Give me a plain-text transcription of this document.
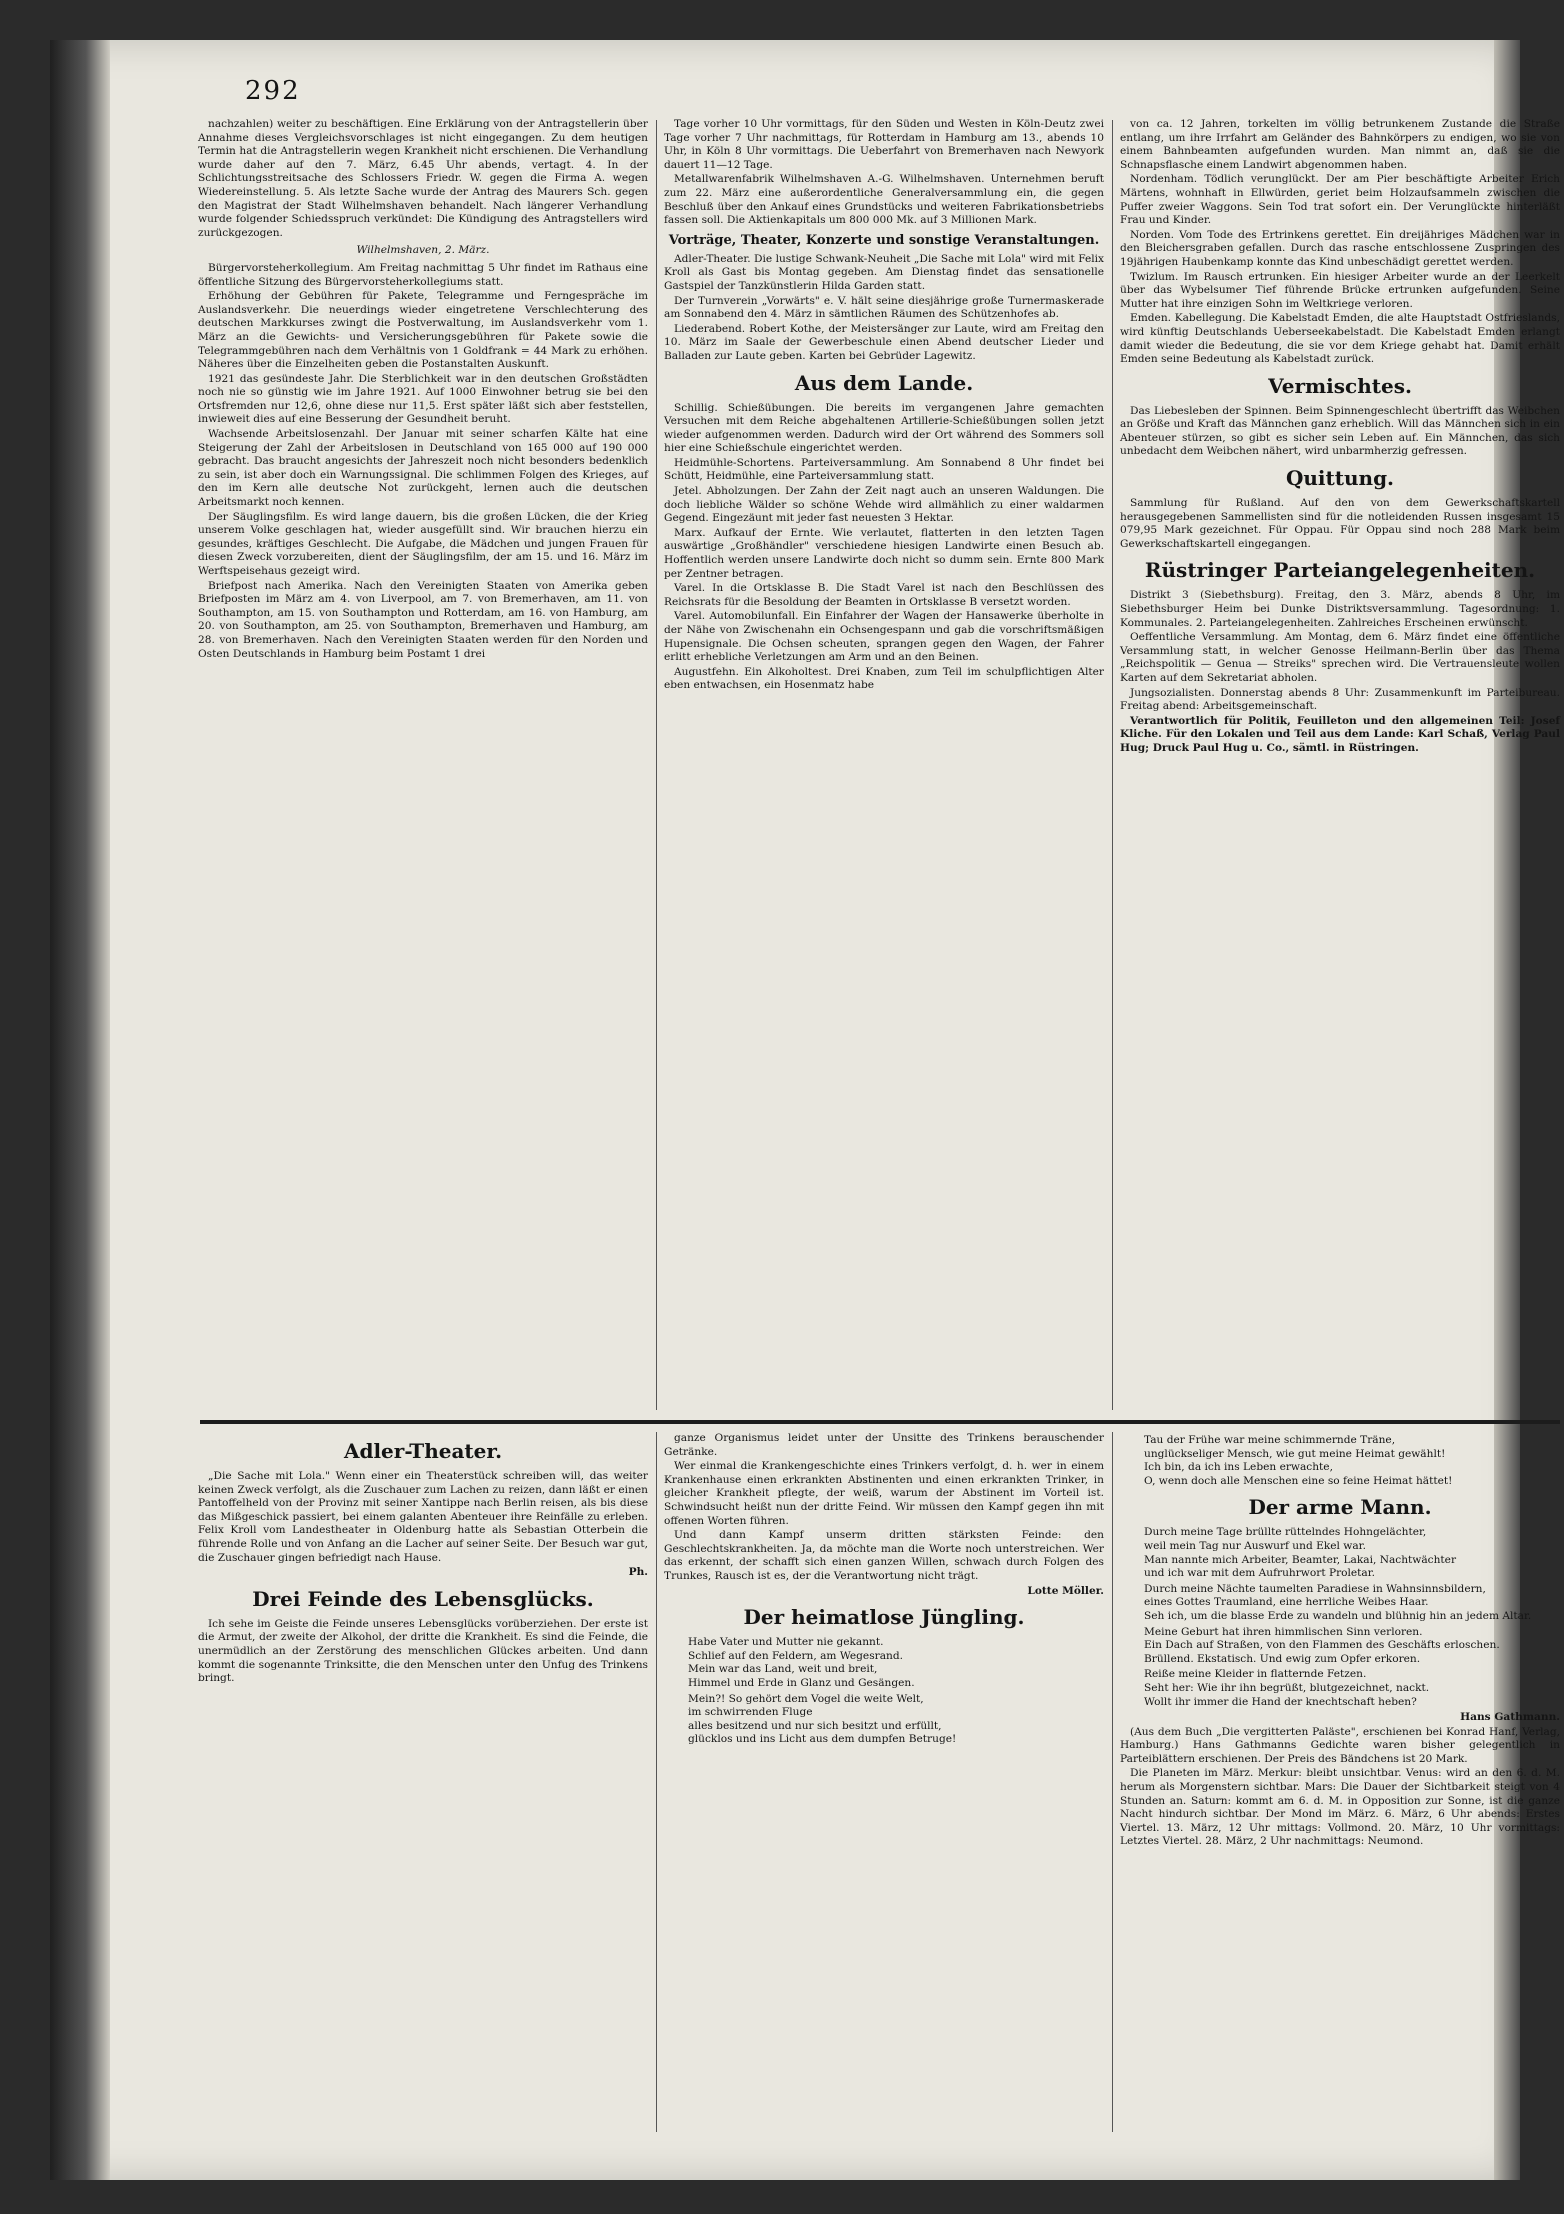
292

nachzahlen) weiter zu beschäftigen. Eine Erklärung von der Antragstellerin über Annahme dieses Vergleichsvorschlages ist nicht eingegangen. Zu dem heutigen Termin hat die Antragstellerin wegen Krankheit nicht erschienen. Die Verhandlung wurde daher auf den 7. März, 6.45 Uhr abends, vertagt. 4. In der Schlichtungsstreitsache des Schlossers Friedr. W. gegen die Firma A. wegen Wiedereinstellung. 5. Als letzte Sache wurde der Antrag des Maurers Sch. gegen den Magistrat der Stadt Wilhelmshaven behandelt. Nach längerer Verhandlung wurde folgender Schiedsspruch verkündet: Die Kündigung des Antragstellers wird zurückgezogen.

Wilhelmshaven, 2. März.

Bürgervorsteherkollegium. Am Freitag nachmittag 5 Uhr findet im Rathaus eine öffentliche Sitzung des Bürgervorsteherkollegiums statt.

Erhöhung der Gebühren für Pakete, Telegramme und Ferngespräche im Auslandsverkehr. Die neuerdings wieder eingetretene Verschlechterung des deutschen Markkurses zwingt die Postverwaltung, im Auslandsverkehr vom 1. März an die Gewichts- und Versicherungsgebühren für Pakete sowie die Telegrammgebühren nach dem Verhältnis von 1 Goldfrank = 44 Mark zu erhöhen. Näheres über die Einzelheiten geben die Postanstalten Auskunft.

1921 das gesündeste Jahr. Die Sterblichkeit war in den deutschen Großstädten noch nie so günstig wie im Jahre 1921. Auf 1000 Einwohner betrug sie bei den Ortsfremden nur 12,6, ohne diese nur 11,5. Erst später läßt sich aber feststellen, inwieweit dies auf eine Besserung der Gesundheit beruht.

Wachsende Arbeitslosenzahl. Der Januar mit seiner scharfen Kälte hat eine Steigerung der Zahl der Arbeitslosen in Deutschland von 165 000 auf 190 000 gebracht. Das braucht angesichts der Jahreszeit noch nicht besonders bedenklich zu sein, ist aber doch ein Warnungssignal. Die schlimmen Folgen des Krieges, auf den im Kern alle deutsche Not zurückgeht, lernen auch die deutschen Arbeitsmarkt noch kennen.

Der Säuglingsfilm. Es wird lange dauern, bis die großen Lücken, die der Krieg unserem Volke geschlagen hat, wieder ausgefüllt sind. Wir brauchen hierzu ein gesundes, kräftiges Geschlecht. Die Aufgabe, die Mädchen und jungen Frauen für diesen Zweck vorzubereiten, dient der Säuglingsfilm, der am 15. und 16. März im Werftspeisehaus gezeigt wird.

Briefpost nach Amerika. Nach den Vereinigten Staaten von Amerika geben Briefposten im März am 4. von Liverpool, am 7. von Bremerhaven, am 11. von Southampton, am 15. von Southampton und Rotterdam, am 16. von Hamburg, am 20. von Southampton, am 25. von Southampton, Bremerhaven und Hamburg, am 28. von Bremerhaven. Nach den Vereinigten Staaten werden für den Norden und Osten Deutschlands in Hamburg beim Postamt 1 drei

Tage vorher 10 Uhr vormittags, für den Süden und Westen in Köln-Deutz zwei Tage vorher 7 Uhr nachmittags, für Rotterdam in Hamburg am 13., abends 10 Uhr, in Köln 8 Uhr vormittags. Die Ueberfahrt von Bremerhaven nach Newyork dauert 11—12 Tage.

Metallwarenfabrik Wilhelmshaven A.-G. Wilhelmshaven. Unternehmen beruft zum 22. März eine außerordentliche Generalversammlung ein, die gegen Beschluß über den Ankauf eines Grundstücks und weiteren Fabrikationsbetriebs fassen soll. Die Aktienkapitals um 800 000 Mk. auf 3 Millionen Mark.

Vorträge, Theater, Konzerte und sonstige Veranstaltungen.

Adler-Theater. Die lustige Schwank-Neuheit „Die Sache mit Lola" wird mit Felix Kroll als Gast bis Montag gegeben. Am Dienstag findet das sensationelle Gastspiel der Tanzkünstlerin Hilda Garden statt.

Der Turnverein „Vorwärts" e. V. hält seine diesjährige große Turnermaskerade am Sonnabend den 4. März in sämtlichen Räumen des Schützenhofes ab.

Liederabend. Robert Kothe, der Meistersänger zur Laute, wird am Freitag den 10. März im Saale der Gewerbeschule einen Abend deutscher Lieder und Balladen zur Laute geben. Karten bei Gebrüder Lagewitz.

Aus dem Lande.

Schillig. Schießübungen. Die bereits im vergangenen Jahre gemachten Versuchen mit dem Reiche abgehaltenen Artillerie-Schießübungen sollen jetzt wieder aufgenommen werden. Dadurch wird der Ort während des Sommers soll hier eine Schießschule eingerichtet werden.

Heidmühle-Schortens. Parteiversammlung. Am Sonnabend 8 Uhr findet bei Schütt, Heidmühle, eine Parteiversammlung statt.

Jetel. Abholzungen. Der Zahn der Zeit nagt auch an unseren Waldungen. Die doch liebliche Wälder so schöne Wehde wird allmählich zu einer waldarmen Gegend. Eingezäunt mit jeder fast neuesten 3 Hektar.

Marx. Aufkauf der Ernte. Wie verlautet, flatterten in den letzten Tagen auswärtige „Großhändler" verschiedene hiesigen Landwirte einen Besuch ab. Hoffentlich werden unsere Landwirte doch nicht so dumm sein. Ernte 800 Mark per Zentner betragen.

Varel. In die Ortsklasse B. Die Stadt Varel ist nach den Beschlüssen des Reichsrats für die Besoldung der Beamten in Ortsklasse B versetzt worden.

Varel. Automobilunfall. Ein Einfahrer der Wagen der Hansawerke überholte in der Nähe von Zwischenahn ein Ochsengespann und gab die vorschriftsmäßigen Hupensignale. Die Ochsen scheuten, sprangen gegen den Wagen, der Fahrer erlitt erhebliche Verletzungen am Arm und an den Beinen.

Augustfehn. Ein Alkoholtest. Drei Knaben, zum Teil im schulpflichtigen Alter eben entwachsen, ein Hosenmatz habe

von ca. 12 Jahren, torkelten im völlig betrunkenem Zustande die Straße entlang, um ihre Irrfahrt am Geländer des Bahnkörpers zu endigen, wo sie von einem Bahnbeamten aufgefunden wurden. Man nimmt an, daß sie die Schnapsflasche einem Landwirt abgenommen haben.

Nordenham. Tödlich verunglückt. Der am Pier beschäftigte Arbeiter Erich Märtens, wohnhaft in Ellwürden, geriet beim Holzaufsammeln zwischen die Puffer zweier Waggons. Sein Tod trat sofort ein. Der Verunglückte hinterläßt Frau und Kinder.

Norden. Vom Tode des Ertrinkens gerettet. Ein dreijähriges Mädchen war in den Bleichersgraben gefallen. Durch das rasche entschlossene Zuspringen des 19jährigen Haubenkamp konnte das Kind unbeschädigt gerettet werden.

Twizlum. Im Rausch ertrunken. Ein hiesiger Arbeiter wurde an der Leerkelt über das Wybelsumer Tief führende Brücke ertrunken aufgefunden. Seine Mutter hat ihre einzigen Sohn im Weltkriege verloren.

Emden. Kabellegung. Die Kabelstadt Emden, die alte Hauptstadt Ostfrieslands, wird künftig Deutschlands Ueberseekabelstadt. Die Kabelstadt Emden erlangt damit wieder die Bedeutung, die sie vor dem Kriege gehabt hat. Damit erhält Emden seine Bedeutung als Kabelstadt zurück.

Vermischtes.

Das Liebesleben der Spinnen. Beim Spinnengeschlecht übertrifft das Weibchen an Größe und Kraft das Männchen ganz erheblich. Will das Männchen sich in ein Abenteuer stürzen, so gibt es sicher sein Leben auf. Ein Männchen, das sich unbedacht dem Weibchen nähert, wird unbarmherzig gefressen.

Quittung.

Sammlung für Rußland. Auf den von dem Gewerkschaftskartell herausgegebenen Sammellisten sind für die notleidenden Russen insgesamt 15 079,95 Mark gezeichnet. Für Oppau. Für Oppau sind noch 288 Mark beim Gewerkschaftskartell eingegangen.

Rüstringer Parteiangelegenheiten.

Distrikt 3 (Siebethsburg). Freitag, den 3. März, abends 8 Uhr, im Siebethsburger Heim bei Dunke Distriktsversammlung. Tagesordnung: 1. Kommunales. 2. Parteiangelegenheiten. Zahlreiches Erscheinen erwünscht.

Oeffentliche Versammlung. Am Montag, dem 6. März findet eine öffentliche Versammlung statt, in welcher Genosse Heilmann-Berlin über das Thema „Reichspolitik — Genua — Streiks" sprechen wird. Die Vertrauensleute wollen Karten auf dem Sekretariat abholen.

Jungsozialisten. Donnerstag abends 8 Uhr: Zusammenkunft im Parteibureau. Freitag abend: Arbeitsgemeinschaft.

Verantwortlich für Politik, Feuilleton und den allgemeinen Teil: Josef Kliche. Für den Lokalen und Teil aus dem Lande: Karl Schaß, Verlag Paul Hug; Druck Paul Hug u. Co., sämtl. in Rüstringen.

Adler-Theater.

„Die Sache mit Lola." Wenn einer ein Theaterstück schreiben will, das weiter keinen Zweck verfolgt, als die Zuschauer zum Lachen zu reizen, dann läßt er einen Pantoffelheld von der Provinz mit seiner Xantippe nach Berlin reisen, als bis diese das Mißgeschick passiert, bei einem galanten Abenteuer ihre Reinfälle zu erleben. Felix Kroll vom Landestheater in Oldenburg hatte als Sebastian Otterbein die führende Rolle und von Anfang an die Lacher auf seiner Seite. Der Besuch war gut, die Zuschauer gingen befriedigt nach Hause.

Ph.

Drei Feinde des Lebensglücks.

Ich sehe im Geiste die Feinde unseres Lebensglücks vorüberziehen. Der erste ist die Armut, der zweite der Alkohol, der dritte die Krankheit. Es sind die Feinde, die unermüdlich an der Zerstörung des menschlichen Glückes arbeiten. Und dann kommt die sogenannte Trinksitte, die den Menschen unter den Unfug des Trinkens bringt.

ganze Organismus leidet unter der Unsitte des Trinkens berauschender Getränke.

Wer einmal die Krankengeschichte eines Trinkers verfolgt, d. h. wer in einem Krankenhause einen erkrankten Abstinenten und einen erkrankten Trinker, in gleicher Krankheit pflegte, der weiß, warum der Abstinent im Vorteil ist. Schwindsucht heißt nun der dritte Feind. Wir müssen den Kampf gegen ihn mit offenen Worten führen.

Und dann Kampf unserm dritten stärksten Feinde: den Geschlechtskrankheiten. Ja, da möchte man die Worte noch unterstreichen. Wer das erkennt, der schafft sich einen ganzen Willen, schwach durch Folgen des Trunkes, Rausch ist es, der die Verantwortung nicht trägt.

Lotte Möller.

Der heimatlose Jüngling.

Habe Vater und Mutter nie gekannt.
Schlief auf den Feldern, am Wegesrand.
Mein war das Land, weit und breit,
Himmel und Erde in Glanz und Gesängen.

Mein?! So gehört dem Vogel die weite Welt,
im schwirrenden Fluge
alles besitzend und nur sich besitzt und erfüllt,
glücklos und ins Licht aus dem dumpfen Betruge!

Tau der Frühe war meine schimmernde Träne,
unglückseliger Mensch, wie gut meine Heimat gewählt!
Ich bin, da ich ins Leben erwachte,
O, wenn doch alle Menschen eine so feine Heimat hättet!

Der arme Mann.

Durch meine Tage brüllte rüttelndes Hohngelächter,
weil mein Tag nur Auswurf und Ekel war.
Man nannte mich Arbeiter, Beamter, Lakai, Nachtwächter
und ich war mit dem Aufruhrwort Proletar.

Durch meine Nächte taumelten Paradiese in Wahnsinnsbildern,
eines Gottes Traumland, eine herrliche Weibes Haar.
Seh ich, um die blasse Erde zu wandeln und blühnig hin an jedem Altar.

Meine Geburt hat ihren himmlischen Sinn verloren.
Ein Dach auf Straßen, von den Flammen des Geschäfts erloschen.
Brüllend. Ekstatisch. Und ewig zum Opfer erkoren.

Reiße meine Kleider in flatternde Fetzen.
Seht her: Wie ihr ihn begrüßt, blutgezeichnet, nackt.
Wollt ihr immer die Hand der knechtschaft heben?

Hans Gathmann.

(Aus dem Buch „Die vergitterten Paläste", erschienen bei Konrad Hanf, Verlag, Hamburg.) Hans Gathmanns Gedichte waren bisher gelegentlich in Parteiblättern erschienen. Der Preis des Bändchens ist 20 Mark.

Die Planeten im März. Merkur: bleibt unsichtbar. Venus: wird an den 6. d. M. herum als Morgenstern sichtbar. Mars: Die Dauer der Sichtbarkeit steigt von 4 Stunden an. Saturn: kommt am 6. d. M. in Opposition zur Sonne, ist die ganze Nacht hindurch sichtbar. Der Mond im März. 6. März, 6 Uhr abends: Erstes Viertel. 13. März, 12 Uhr mittags: Vollmond. 20. März, 10 Uhr vormittags: Letztes Viertel. 28. März, 2 Uhr nachmittags: Neumond.
